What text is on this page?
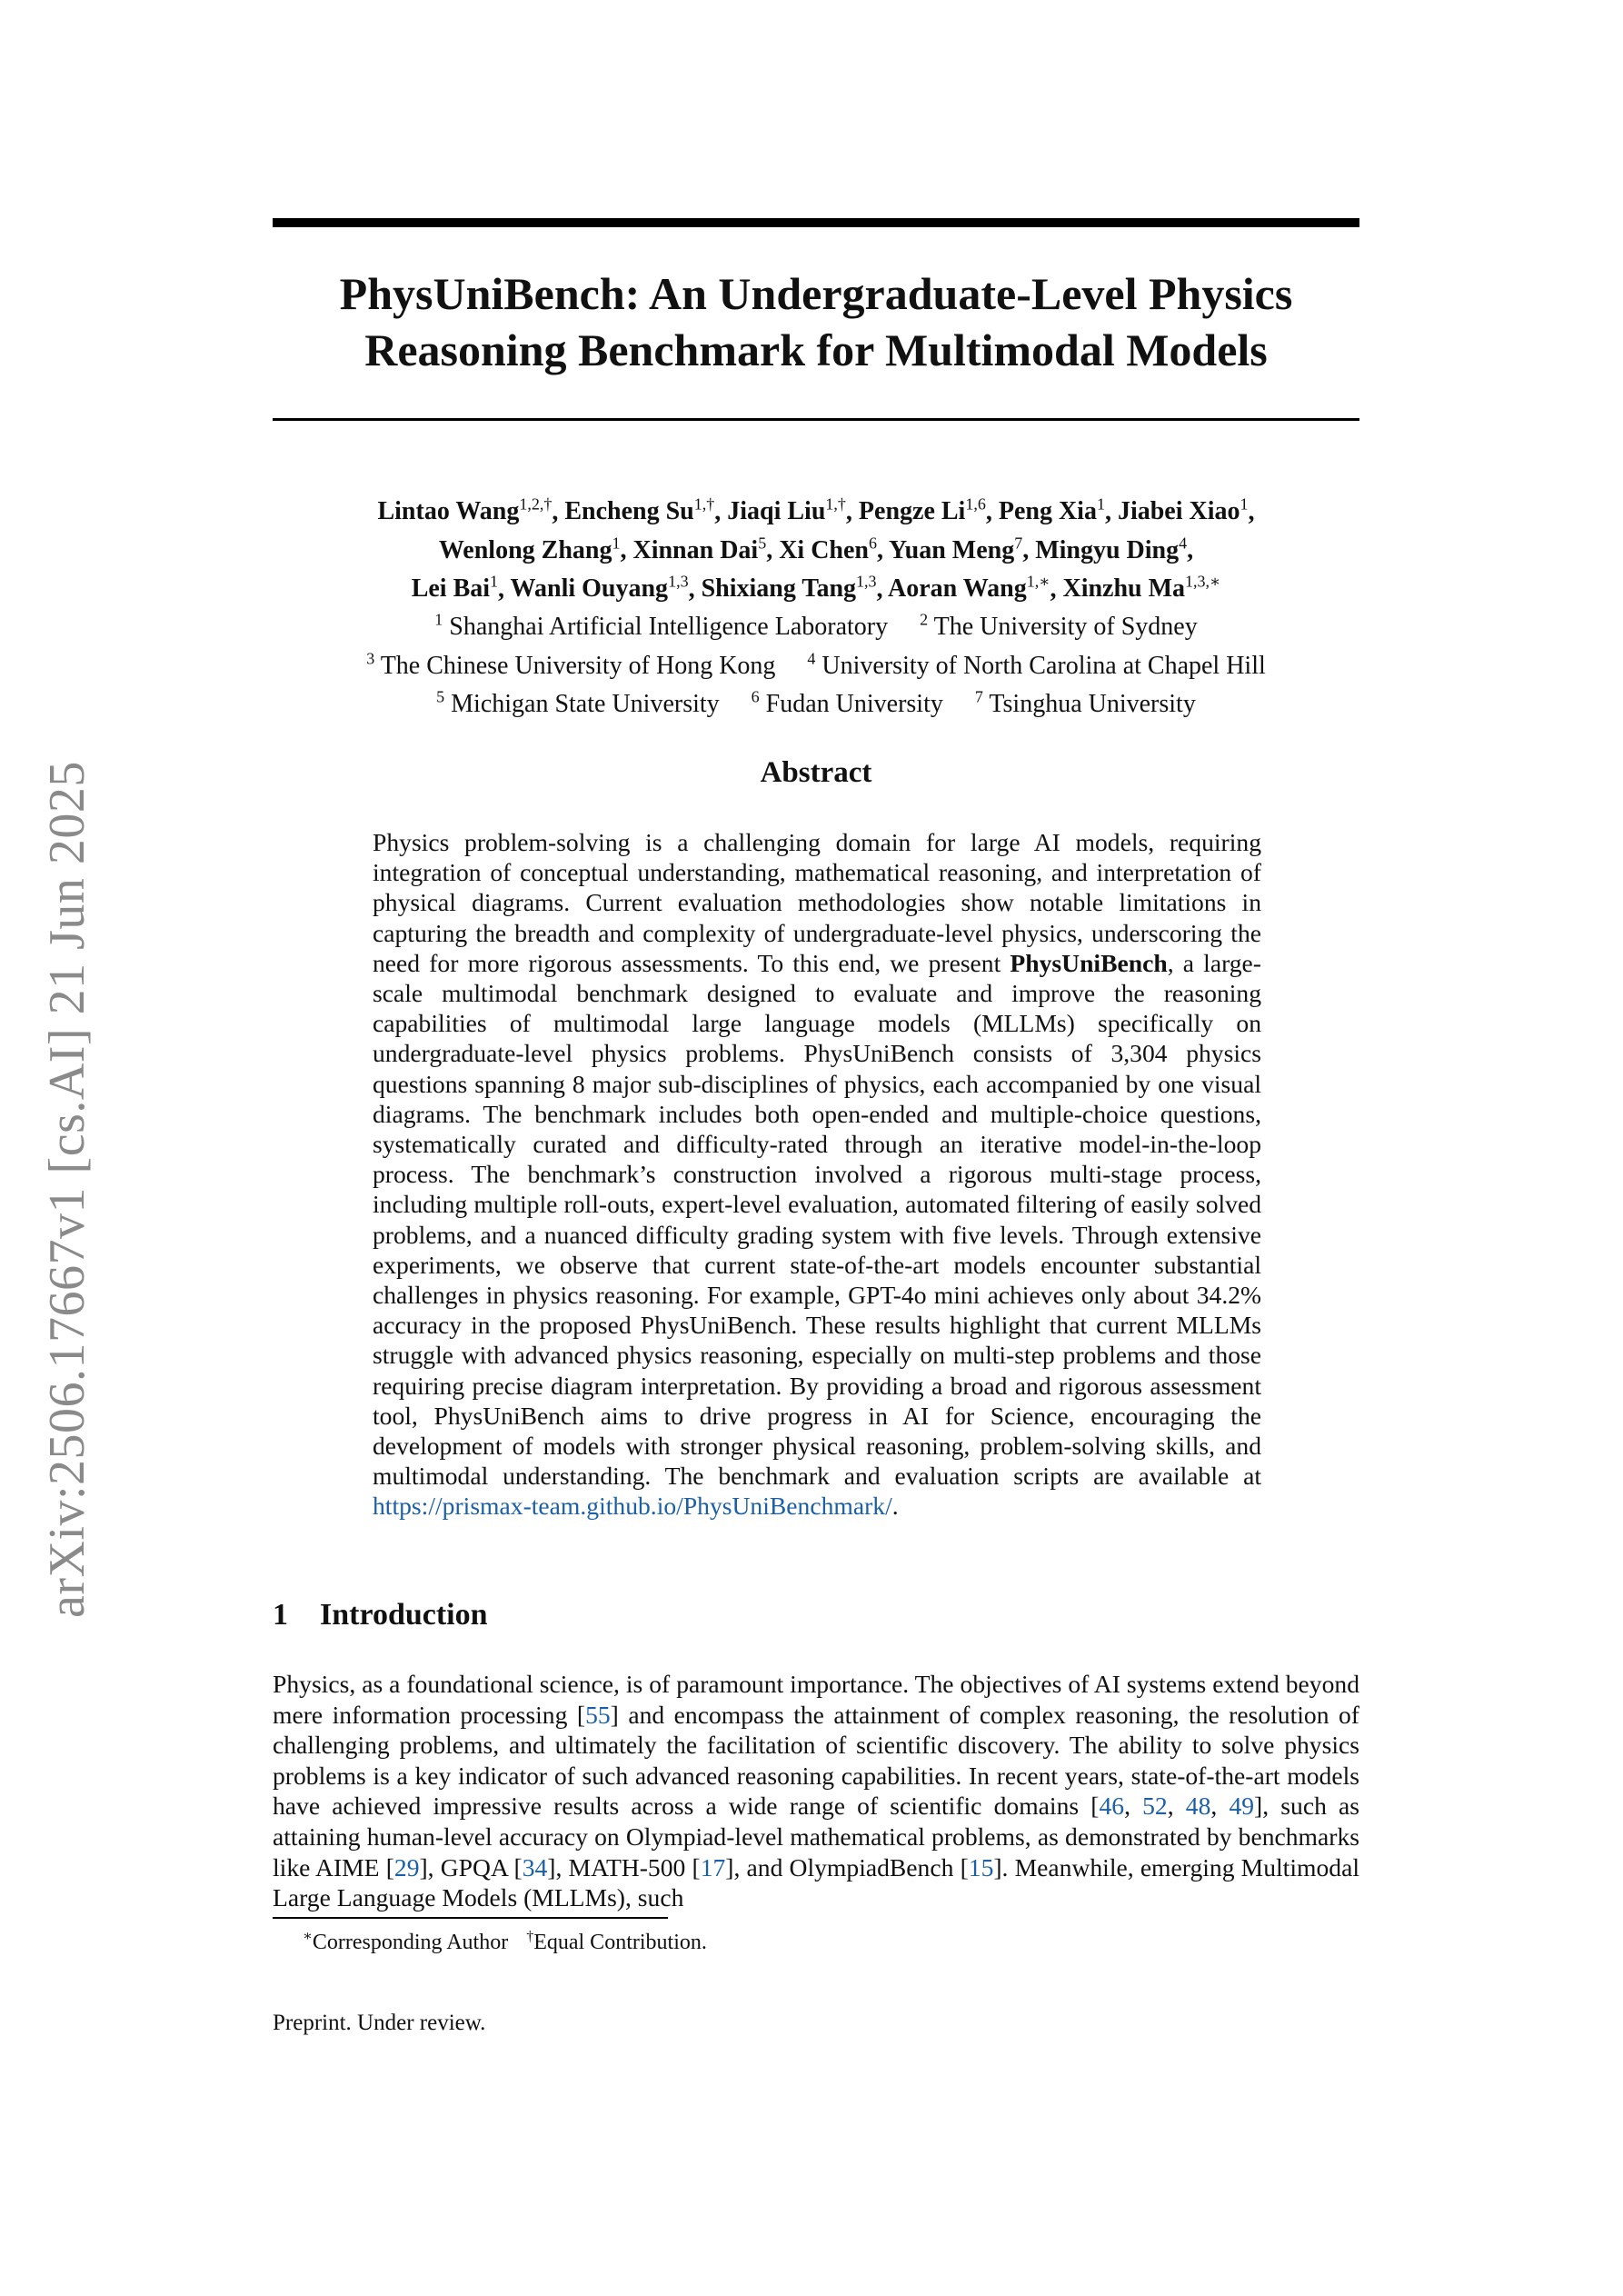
arXiv:2506.17667v1 [cs.AI] 21 Jun 2025
PhysUniBench: An Undergraduate-Level Physics
Reasoning Benchmark for Multimodal Models
Lintao Wang$^{1,2,\dagger}$, Encheng $Su^{1,\dagger}$, Jiaqi Liu$^{1,\dagger}$, Pengze Li$^{1,6}$, Peng Xia$^1$, Jiabei Xiao$^1$,
Wenlong Zhang$^1$, Xinnan Dai$^5$, Xi Chen$^6$, Yuan Meng$^7$, Mingyu Ding$^4$,
Lei Bai$^1$, Wanli Ouyang$^{1,3}$, Shixiang Tang$^{1,3}$, Aoran Wang$^{1,∗}$, Xinzhu $Ma^{1,3,∗}$
$^1$ Shanghai Artificial Intelligence Laboratory $^2$ The University of Sydney
$^3$ The Chinese University of Hong Kong $^4$ University of North Carolina at Chapel Hill
$^5$ Michigan State University $^6$ Fudan University $^7$ Tsinghua University
Abstract

Physics problem-solving is a challenging domain for large AI models, requiring integration of conceptual understanding, mathematical reasoning, and interpretation of physical diagrams. Current evaluation methodologies show notable limitations in capturing the breadth and complexity of undergraduate-level physics, underscoring the need for more rigorous assessments. To this end, we present PhysUniBench, a large-scale multimodal benchmark designed to evaluate and improve the reasoning capabilities of multimodal large language models (MLLMs) specifically on undergraduate-level physics problems. PhysUniBench consists of 3,304 physics questions spanning 8 major sub-disciplines of physics, each accompanied by one visual diagrams. The benchmark includes both open-ended and multiple-choice questions, systematically curated and difficulty-rated through an iterative model-in-the-loop process. The benchmark’s construction involved a rigorous multi-stage process, including multiple roll-outs, expert-level evaluation, automated filtering of easily solved problems, and a nuanced difficulty grading system with five levels. Through extensive experiments, we observe that current state-of-the-art models encounter substantial challenges in physics reasoning. For example, GPT-4o mini achieves only about 34.2% accuracy in the proposed PhysUniBench. These results highlight that current MLLMs struggle with advanced physics reasoning, especially on multi-step problems and those requiring precise diagram interpretation. By providing a broad and rigorous assessment tool, PhysUniBench aims to drive progress in AI for Science, encouraging the development of models with stronger physical reasoning, problem-solving skills, and multimodal understanding. The benchmark and evaluation scripts are available at https://prismax-team.github.io/PhysUniBenchmark/.

1 Introduction

Physics, as a foundational science, is of paramount importance. The objectives of AI systems extend beyond mere information processing [55] and encompass the attainment of complex reasoning, the resolution of challenging problems, and ultimately the facilitation of scientific discovery. The ability to solve physics problems is a key indicator of such advanced reasoning capabilities. In recent years, state-of-the-art models have achieved impressive results across a wide range of scientific domains [46, 52, 48, 49], such as attaining human-level accuracy on Olympiad-level mathematical problems, as demonstrated by benchmarks like AIME [29], GPQA [34], MATH-500 [17], and OlympiadBench [15]. Meanwhile, emerging Multimodal Large Language Models (MLLMs), such

∗Corresponding Author †Equal Contribution.

Preprint. Under review.
